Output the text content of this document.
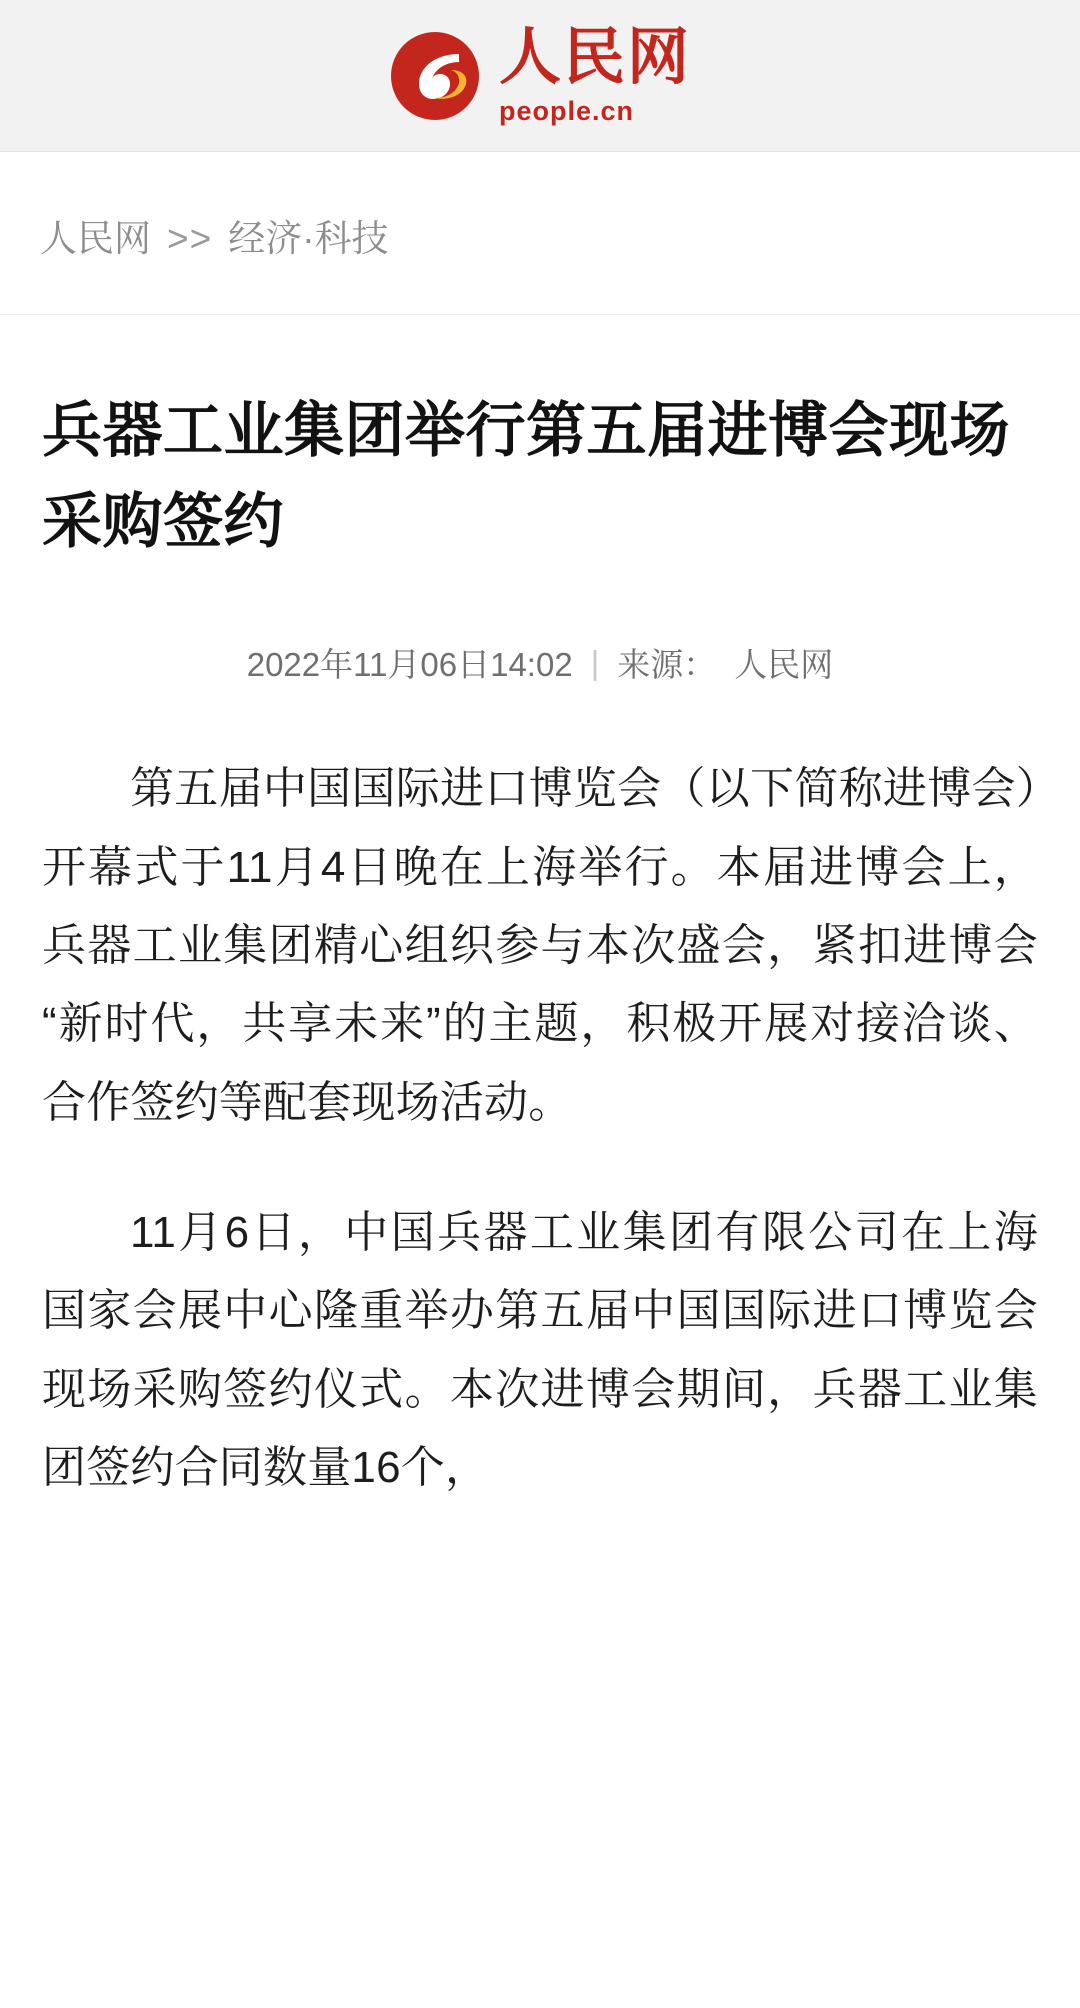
人民网
people.cn
人民网 >> 经济·科技
兵器工业集团举行第五届进博会现场采购签约
2022年11月06日14:02 | 来源： 人民网

第五届中国国际进口博览会（以下简称进博会）开幕式于11月4日晚在上海举行。本届进博会上，兵器工业集团精心组织参与本次盛会，紧扣进博会“新时代，共享未来”的主题，积极开展对接洽谈、合作签约等配套现场活动。

11月6日，中国兵器工业集团有限公司在上海国家会展中心隆重举办第五届中国国际进口博览会现场采购签约仪式。本次进博会期间，兵器工业集团签约合同数量16个，
